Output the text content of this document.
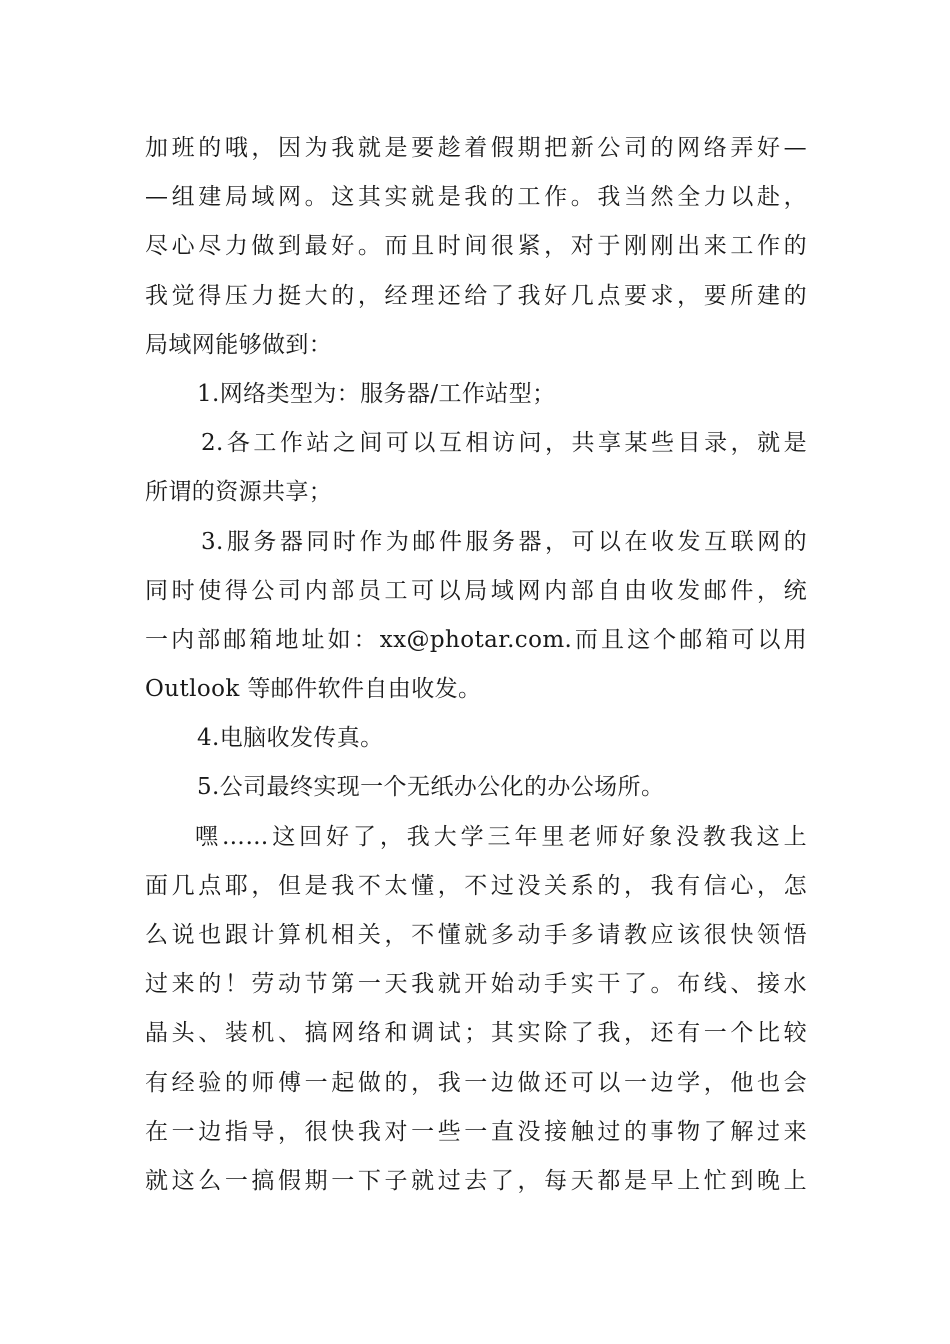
加班的哦，因为我就是要趁着假期把新公司的网络弄好—
—组建局域网。这其实就是我的工作。我当然全力以赴，
尽心尽力做到最好。而且时间很紧，对于刚刚出来工作的
我觉得压力挺大的，经理还给了我好几点要求，要所建的
局域网能够做到：
1.网络类型为：服务器/工作站型；
2.各工作站之间可以互相访问，共享某些目录，就是
所谓的资源共享；
3.服务器同时作为邮件服务器，可以在收发互联网的
同时使得公司内部员工可以局域网内部自由收发邮件，统
一内部邮箱地址如：xx@photar.com.而且这个邮箱可以用
Outlook 等邮件软件自由收发。
4.电脑收发传真。
5.公司最终实现一个无纸办公化的办公场所。
嘿……这回好了，我大学三年里老师好象没教我这上
面几点耶，但是我不太懂，不过没关系的，我有信心，怎
么说也跟计算机相关，不懂就多动手多请教应该很快领悟
过来的！劳动节第一天我就开始动手实干了。布线、接水
晶头、装机、搞网络和调试；其实除了我，还有一个比较
有经验的师傅一起做的，我一边做还可以一边学，他也会
在一边指导，很快我对一些一直没接触过的事物了解过来
就这么一搞假期一下子就过去了，每天都是早上忙到晚上
